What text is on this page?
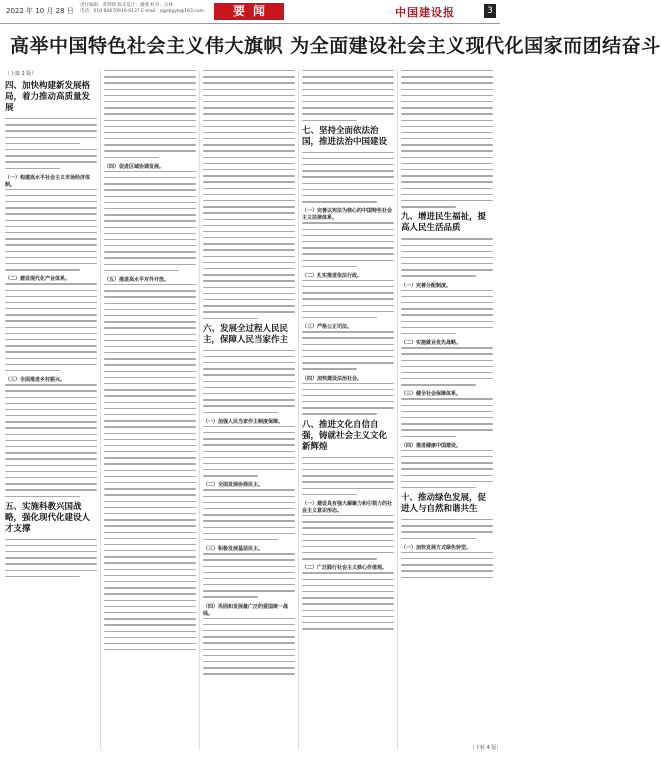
2022 年 10 月 28 日
责任编辑：黄荆锋 版式设计：潘燕 校对：吴林
电话：010-84670916-6137 E-mail：zgjsbgyb@163.com	要闻	中国建设报	3
高举中国特色社会主义伟大旗帜 为全面建设社会主义现代化国家而团结奋斗
（上接 2 版）
四、加快构建新发展格局，着力推动高质量发展
（一）构建高水平社会主义市场经济体制。
（二）建设现代化产业体系。
（三）全面推进乡村振兴。
五、实施科教兴国战略，强化现代化建设人才支撑
（四）促进区域协调发展。
（五）推进高水平对外开放。
六、发展全过程人民民主，保障人民当家作主
（一）加强人民当家作主制度保障。
（二）全面发展协商民主。
（三）积极发展基层民主。
（四）巩固和发展最广泛的爱国统一战线。
七、坚持全面依法治国，推进法治中国建设
（一）完善以宪法为核心的中国特色社会主义法律体系。
（二）扎实推进依法行政。
（三）严格公正司法。
（四）加快建设法治社会。
八、推进文化自信自强，铸就社会主义文化新辉煌
（一）建设具有强大凝聚力和引领力的社会主义意识形态。
（二）广泛践行社会主义核心价值观。
九、增进民生福祉，提高人民生活品质
（一）完善分配制度。
（二）实施就业优先战略。
（三）健全社会保障体系。
（四）推进健康中国建设。
十、推动绿色发展，促进人与自然和谐共生
（一）加快发展方式绿色转型。
（下转 4 版）
